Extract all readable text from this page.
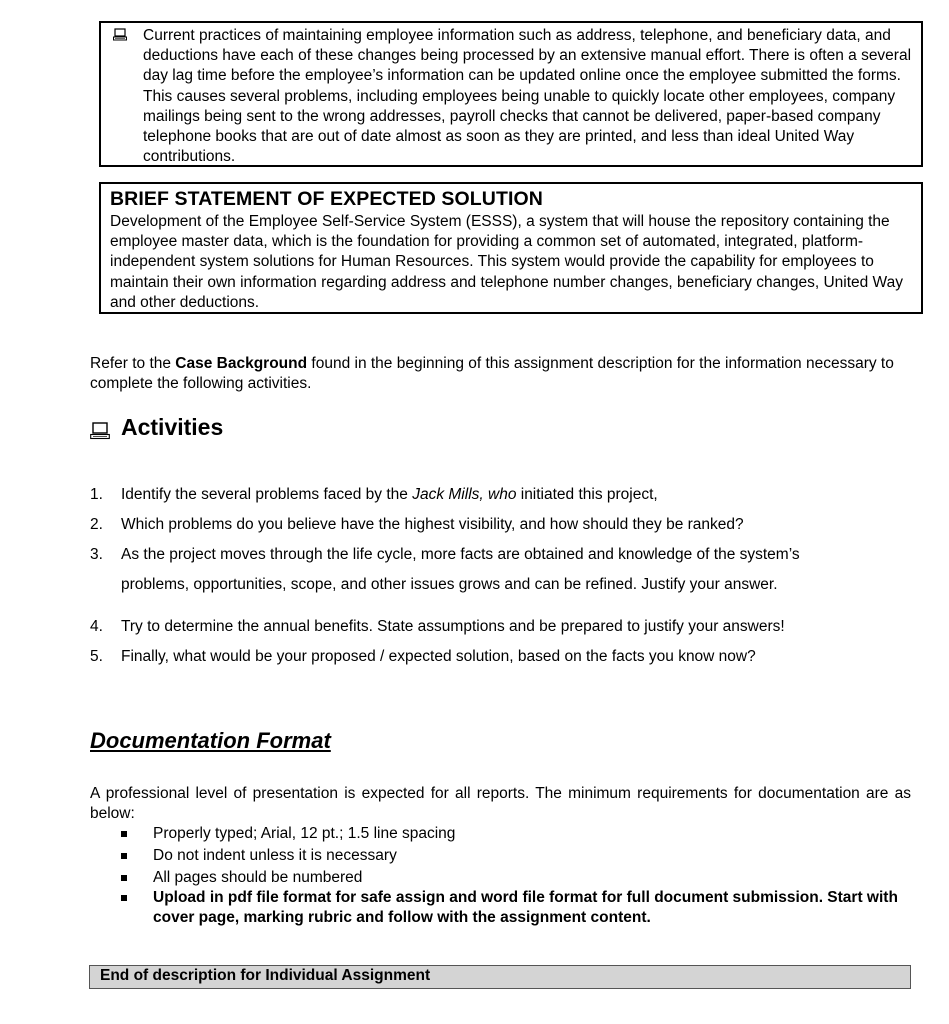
Current practices of maintaining employee information such as address, telephone, and beneficiary data, and deductions have each of these changes being processed by an extensive manual effort. There is often a several day lag time before the employee’s information can be updated online once the employee submitted the forms. This causes several problems, including employees being unable to quickly locate other employees, company mailings being sent to the wrong addresses, payroll checks that cannot be delivered, paper-based company telephone books that are out of date almost as soon as they are printed, and less than ideal United Way contributions.
BRIEF STATEMENT OF EXPECTED SOLUTION
Development of the Employee Self-Service System (ESSS), a system that will house the repository containing the employee master data, which is the foundation for providing a common set of automated, integrated, platform-independent system solutions for Human Resources. This system would provide the capability for employees to maintain their own information regarding address and telephone number changes, beneficiary changes, United Way and other deductions.
Refer to the Case Background found in the beginning of this assignment description for the information necessary to complete the following activities.
Activities
1. Identify the several problems faced by the Jack Mills, who initiated this project,
2. Which problems do you believe have the highest visibility, and how should they be ranked?
3. As the project moves through the life cycle, more facts are obtained and knowledge of the system’s
problems, opportunities, scope, and other issues grows and can be refined. Justify your answer.
4. Try to determine the annual benefits. State assumptions and be prepared to justify your answers!
5. Finally, what would be your proposed / expected solution, based on the facts you know now?
Documentation Format
A professional level of presentation is expected for all reports. The minimum requirements for documentation are as below:
Properly typed; Arial, 12 pt.; 1.5 line spacing
Do not indent unless it is necessary
All pages should be numbered
Upload in pdf file format for safe assign and word file format for full document submission. Start with cover page, marking rubric and follow with the assignment content.
End of description for Individual Assignment
